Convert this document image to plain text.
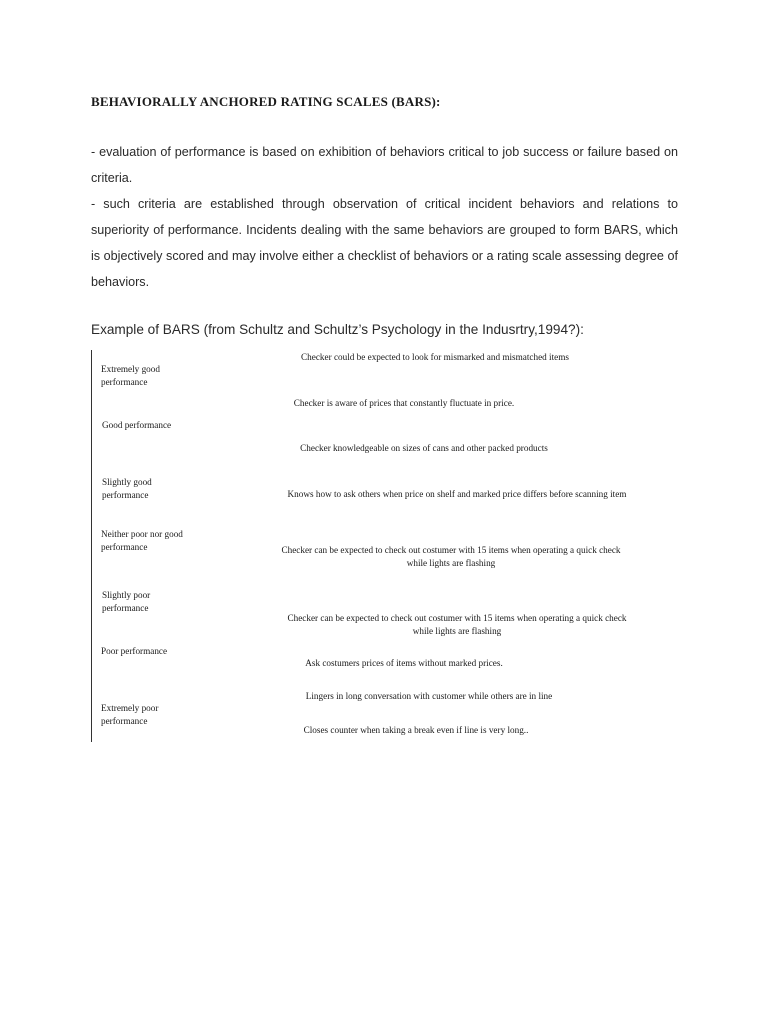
BEHAVIORALLY ANCHORED RATING SCALES (BARS):
- evaluation of performance is based on exhibition of behaviors critical to job success or failure based on criteria.
- such criteria are established through observation of critical incident behaviors and relations to superiority of performance. Incidents dealing with the same behaviors are grouped to form BARS, which is objectively scored and may involve either a checklist of behaviors or a rating scale assessing degree of behaviors.
Example of BARS (from Schultz and Schultz’s Psychology in the Indusrtry,1994?):
Extremely good
performance
Good performance
Slightly good
performance
Neither poor nor good
performance
Slightly poor
performance
Poor performance
Extremely poor
performance
Checker could be expected to look for mismarked and mismatched items
Checker is aware of prices that constantly fluctuate in price.
Checker knowledgeable on sizes of cans and other packed products
Knows how to ask others when price on shelf and marked price differs before scanning item
Checker can be expected to check out costumer with 15 items when operating a quick check
while lights are flashing
Checker can be expected to check out costumer with 15 items when operating a quick check
while lights are flashing
Ask costumers prices of items without marked prices.
Lingers in long conversation with customer while others are in line
Closes counter when taking a break even if line is very long..
